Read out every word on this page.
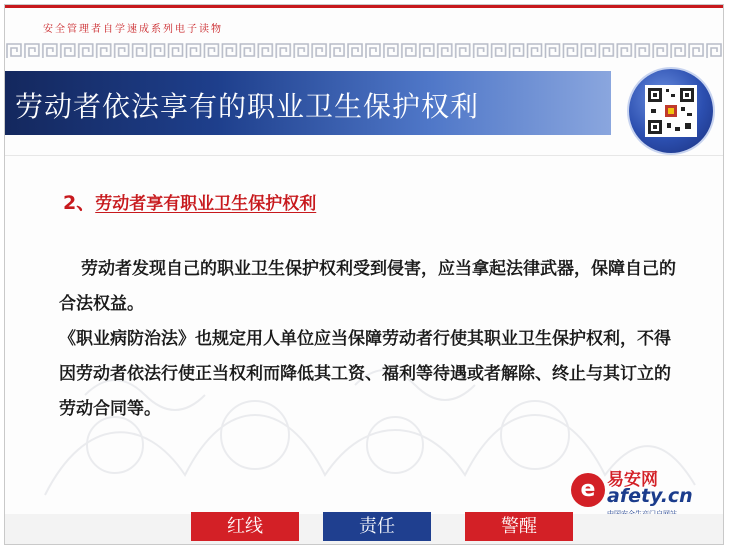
安全管理者自学速成系列电子读物
劳动者依法享有的职业卫生保护权利
2、劳动者享有职业卫生保护权利

劳动者发现自己的职业卫生保护权利受到侵害，应当拿起法律武器，保障自己的合法权益。

《职业病防治法》也规定用人单位应当保障劳动者行使其职业卫生保护权利，不得因劳动者依法行使正当权利而降低其工资、福利等待遇或者解除、终止与其订立的劳动合同等。

e 易安网
afety.cn
红线	责任	警醒
